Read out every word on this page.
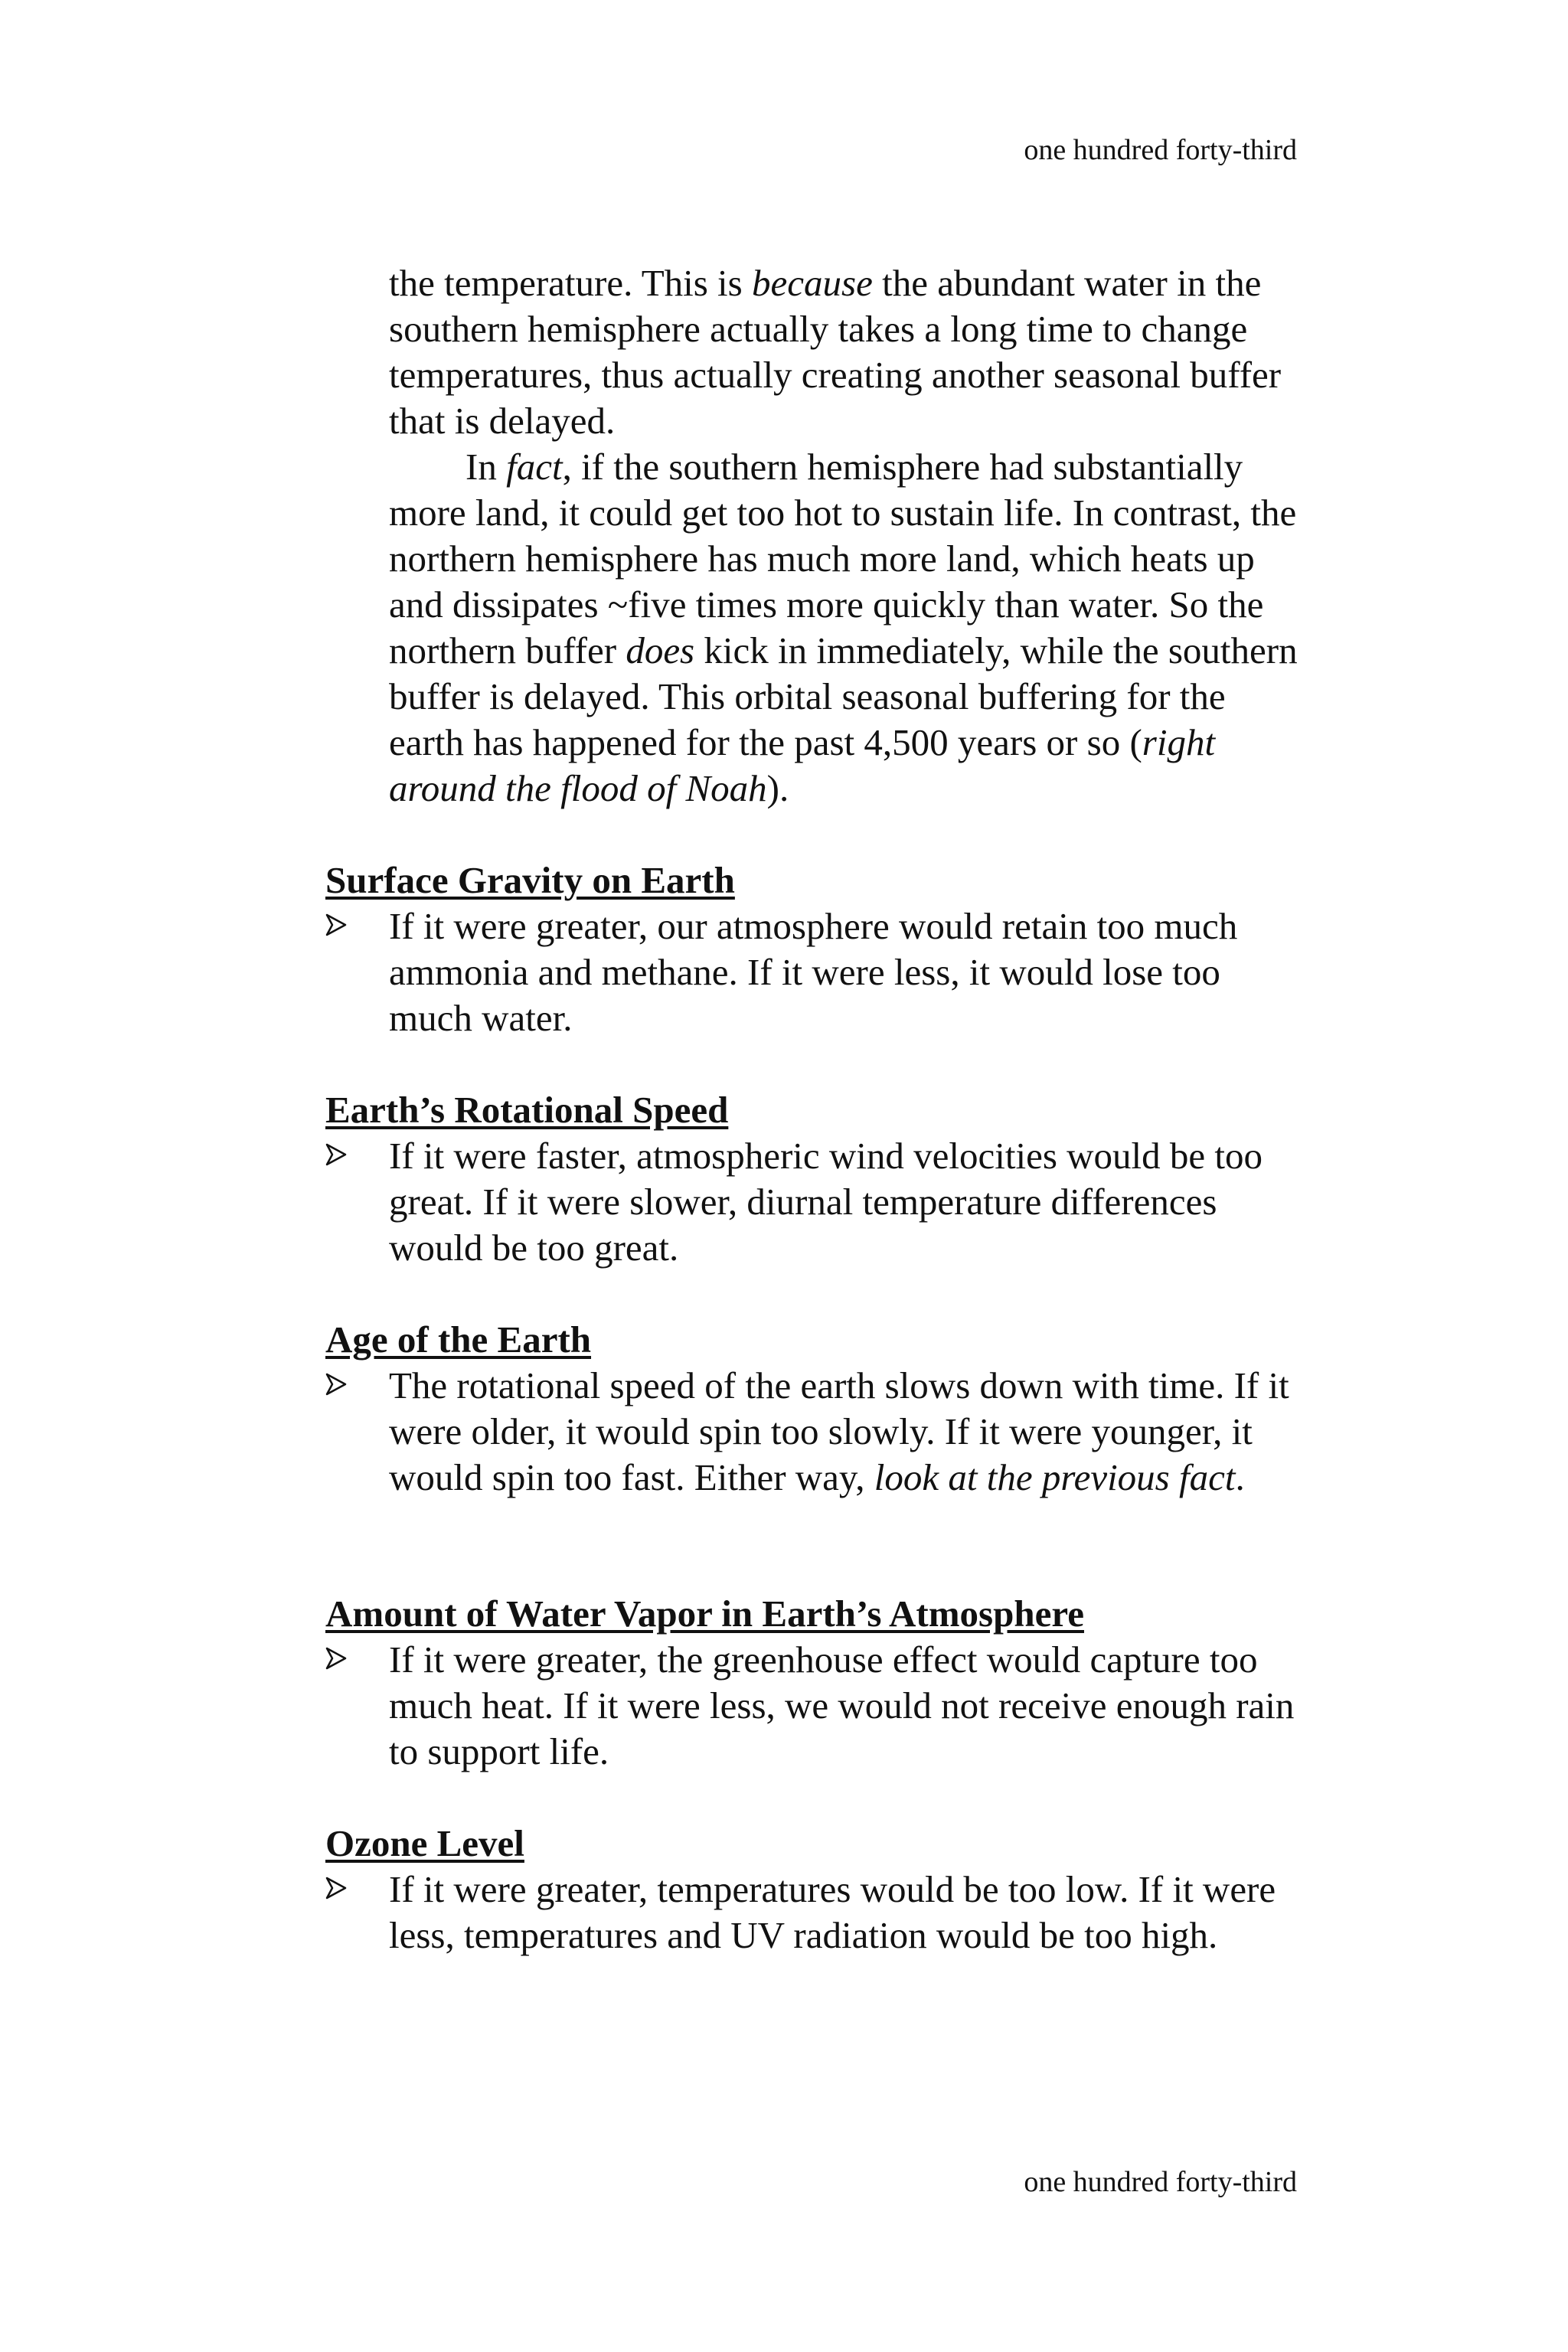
one hundred forty-third

the temperature. This is because the abundant water in the southern hemisphere actually takes a long time to change temperatures, thus actually creating another seasonal buffer that is delayed.

In fact, if the southern hemisphere had substantially more land, it could get too hot to sustain life. In contrast, the northern hemisphere has much more land, which heats up and dissipates ~five times more quickly than water. So the northern buffer does kick in immediately, while the southern buffer is delayed. This orbital seasonal buffering for the earth has happened for the past 4,500 years or so (right around the flood of Noah).

Surface Gravity on Earth

If it were greater, our atmosphere would retain too much ammonia and methane. If it were less, it would lose too much water.

Earth’s Rotational Speed

If it were faster, atmospheric wind velocities would be too great. If it were slower, diurnal temperature differences would be too great.

Age of the Earth

The rotational speed of the earth slows down with time. If it were older, it would spin too slowly. If it were younger, it would spin too fast. Either way, look at the previous fact.

Amount of Water Vapor in Earth’s Atmosphere

If it were greater, the greenhouse effect would capture too much heat. If it were less, we would not receive enough rain to support life.

Ozone Level

If it were greater, temperatures would be too low. If it were less, temperatures and UV radiation would be too high.
one hundred forty-third
